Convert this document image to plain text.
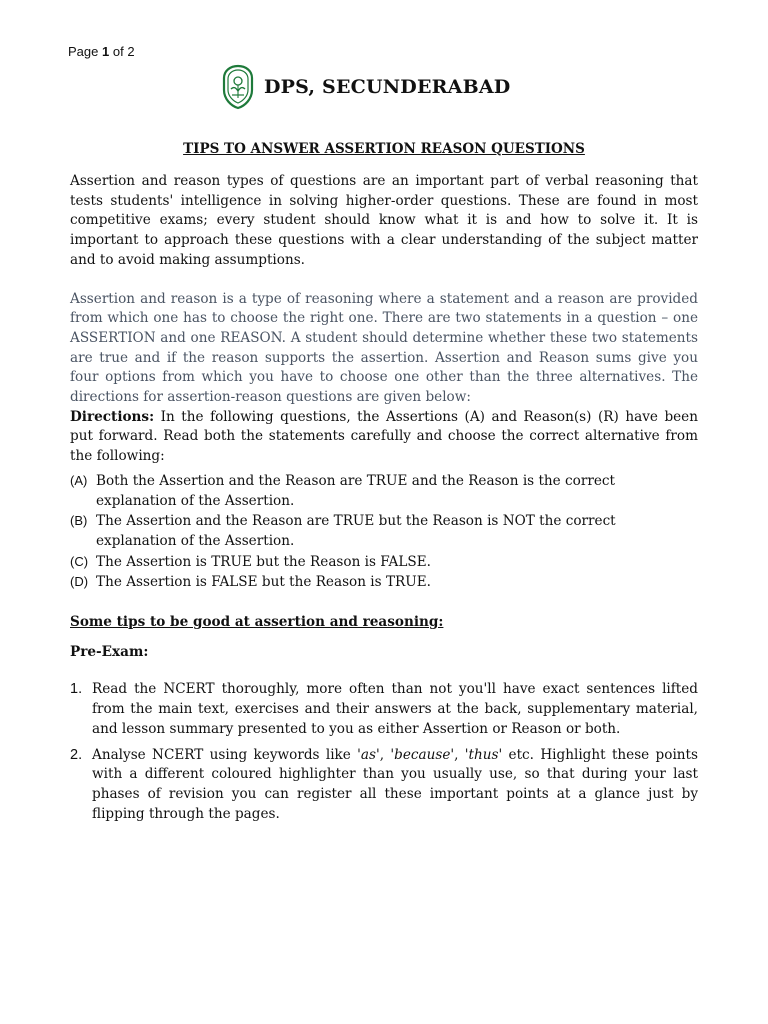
Page 1 of 2
DPS, SECUNDERABAD
TIPS TO ANSWER ASSERTION REASON QUESTIONS

Assertion and reason types of questions are an important part of verbal reasoning that tests students' intelligence in solving higher-order questions. These are found in most competitive exams; every student should know what it is and how to solve it. It is important to approach these questions with a clear understanding of the subject matter and to avoid making assumptions.

Assertion and reason is a type of reasoning where a statement and a reason are provided from which one has to choose the right one. There are two statements in a question – one ASSERTION and one REASON. A student should determine whether these two statements are true and if the reason supports the assertion. Assertion and Reason sums give you four options from which you have to choose one other than the three alternatives. The directions for assertion-reason questions are given below:

Directions: In the following questions, the Assertions (A) and Reason(s) (R) have been put forward. Read both the statements carefully and choose the correct alternative from the following:

(A) Both the Assertion and the Reason are TRUE and the Reason is the correct explanation of the Assertion.
(B) The Assertion and the Reason are TRUE but the Reason is NOT the correct explanation of the Assertion.
(C) The Assertion is TRUE but the Reason is FALSE.
(D) The Assertion is FALSE but the Reason is TRUE.
Some tips to be good at assertion and reasoning:
Pre-Exam:
1. Read the NCERT thoroughly, more often than not you'll have exact sentences lifted from the main text, exercises and their answers at the back, supplementary material, and lesson summary presented to you as either Assertion or Reason or both.
2. Analyse NCERT using keywords like 'as', 'because', 'thus' etc. Highlight these points with a different coloured highlighter than you usually use, so that during your last phases of revision you can register all these important points at a glance just by flipping through the pages.
